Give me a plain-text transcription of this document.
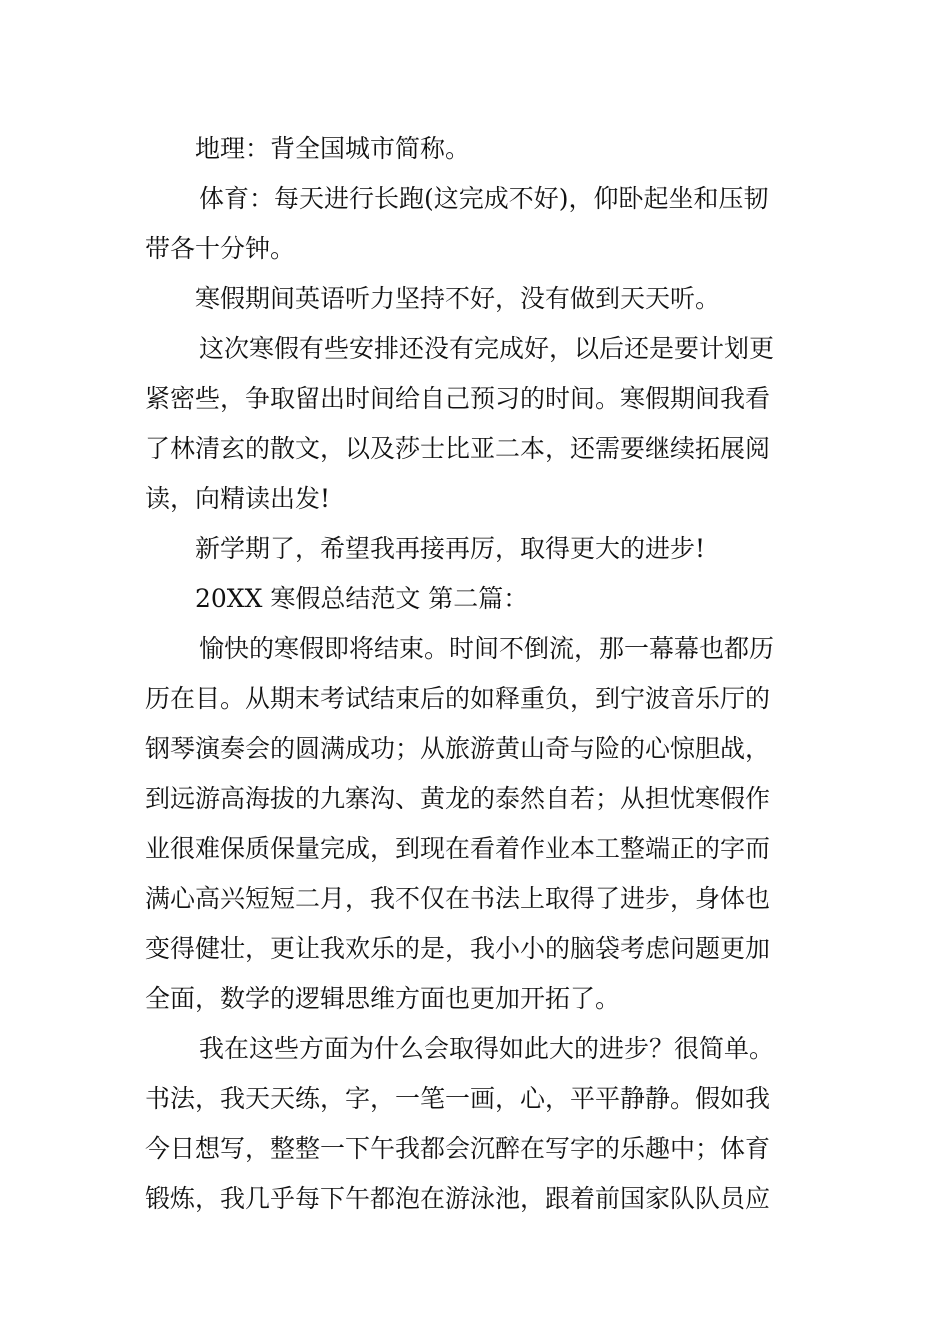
地理：背全国城市简称。
体育：每天进行长跑(这完成不好)，仰卧起坐和压韧
带各十分钟。
寒假期间英语听力坚持不好，没有做到天天听。
这次寒假有些安排还没有完成好，以后还是要计划更
紧密些，争取留出时间给自己预习的时间。寒假期间我看
了林清玄的散文，以及莎士比亚二本，还需要继续拓展阅
读，向精读出发!
新学期了，希望我再接再厉，取得更大的进步!
20XX 寒假总结范文 第二篇：
愉快的寒假即将结束。时间不倒流，那一幕幕也都历
历在目。从期末考试结束后的如释重负，到宁波音乐厅的
钢琴演奏会的圆满成功；从旅游黄山奇与险的心惊胆战，
到远游高海拔的九寨沟、黄龙的泰然自若；从担忧寒假作
业很难保质保量完成，到现在看着作业本工整端正的字而
满心高兴短短二月，我不仅在书法上取得了进步，身体也
变得健壮，更让我欢乐的是，我小小的脑袋考虑问题更加
全面，数学的逻辑思维方面也更加开拓了。
我在这些方面为什么会取得如此大的进步？很简单。
书法，我天天练，字，一笔一画，心，平平静静。假如我
今日想写，整整一下午我都会沉醉在写字的乐趣中；体育
锻炼，我几乎每下午都泡在游泳池，跟着前国家队队员应
